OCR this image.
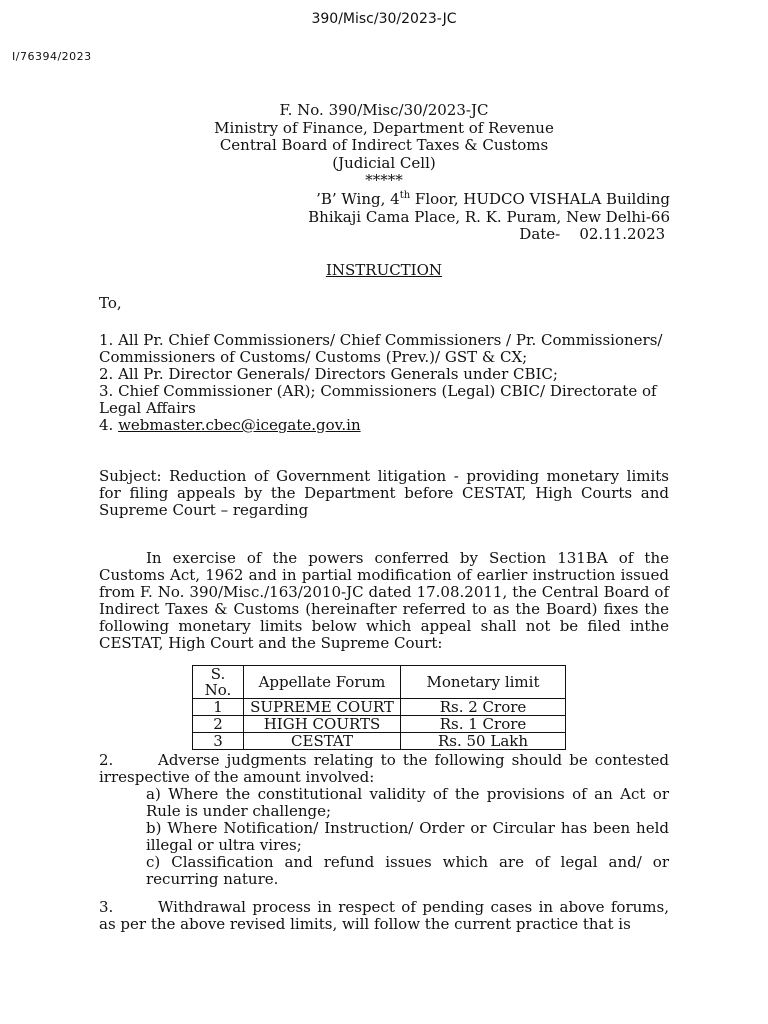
390/Misc/30/2023-JC
I/76394/2023
F. No. 390/Misc/30/2023-JC
Ministry of Finance, Department of Revenue
Central Board of Indirect Taxes & Customs
(Judicial Cell)
*****
’B’ Wing, 4th Floor, HUDCO VISHALA Building
Bhikaji Cama Place, R. K. Puram, New Delhi-66
Date- 02.11.2023
INSTRUCTION
To,
1. All Pr. Chief Commissioners/ Chief Commissioners / Pr. Commissioners/ Commissioners of Customs/ Customs (Prev.)/ GST & CX;
2. All Pr. Director Generals/ Directors Generals under CBIC;
3. Chief Commissioner (AR); Commissioners (Legal) CBIC/ Directorate of Legal Affairs
4. webmaster.cbec@icegate.gov.in
Subject: Reduction of Government litigation - providing monetary limits for filing appeals by the Department before CESTAT, High Courts and Supreme Court – regarding
In exercise of the powers conferred by Section 131BA of the Customs Act, 1962 and in partial modification of earlier instruction issued from F. No. 390/Misc./163/2010-JC dated 17.08.2011, the Central Board of Indirect Taxes & Customs (hereinafter referred to as the Board) fixes the following monetary limits below which appeal shall not be filed inthe CESTAT, High Court and the Supreme Court:
S. No.	Appellate Forum	Monetary limit
1	SUPREME COURT	Rs. 2 Crore
2	HIGH COURTS	Rs. 1 Crore
3	CESTAT	Rs. 50 Lakh
2.	Adverse judgments relating to the following should be contested irrespective of the amount involved:
a) Where the constitutional validity of the provisions of an Act or Rule is under challenge;
b) Where Notification/ Instruction/ Order or Circular has been held illegal or ultra vires;
c) Classification and refund issues which are of legal and/ or recurring nature.
3.	Withdrawal process in respect of pending cases in above forums, as per the above revised limits, will follow the current practice that is
